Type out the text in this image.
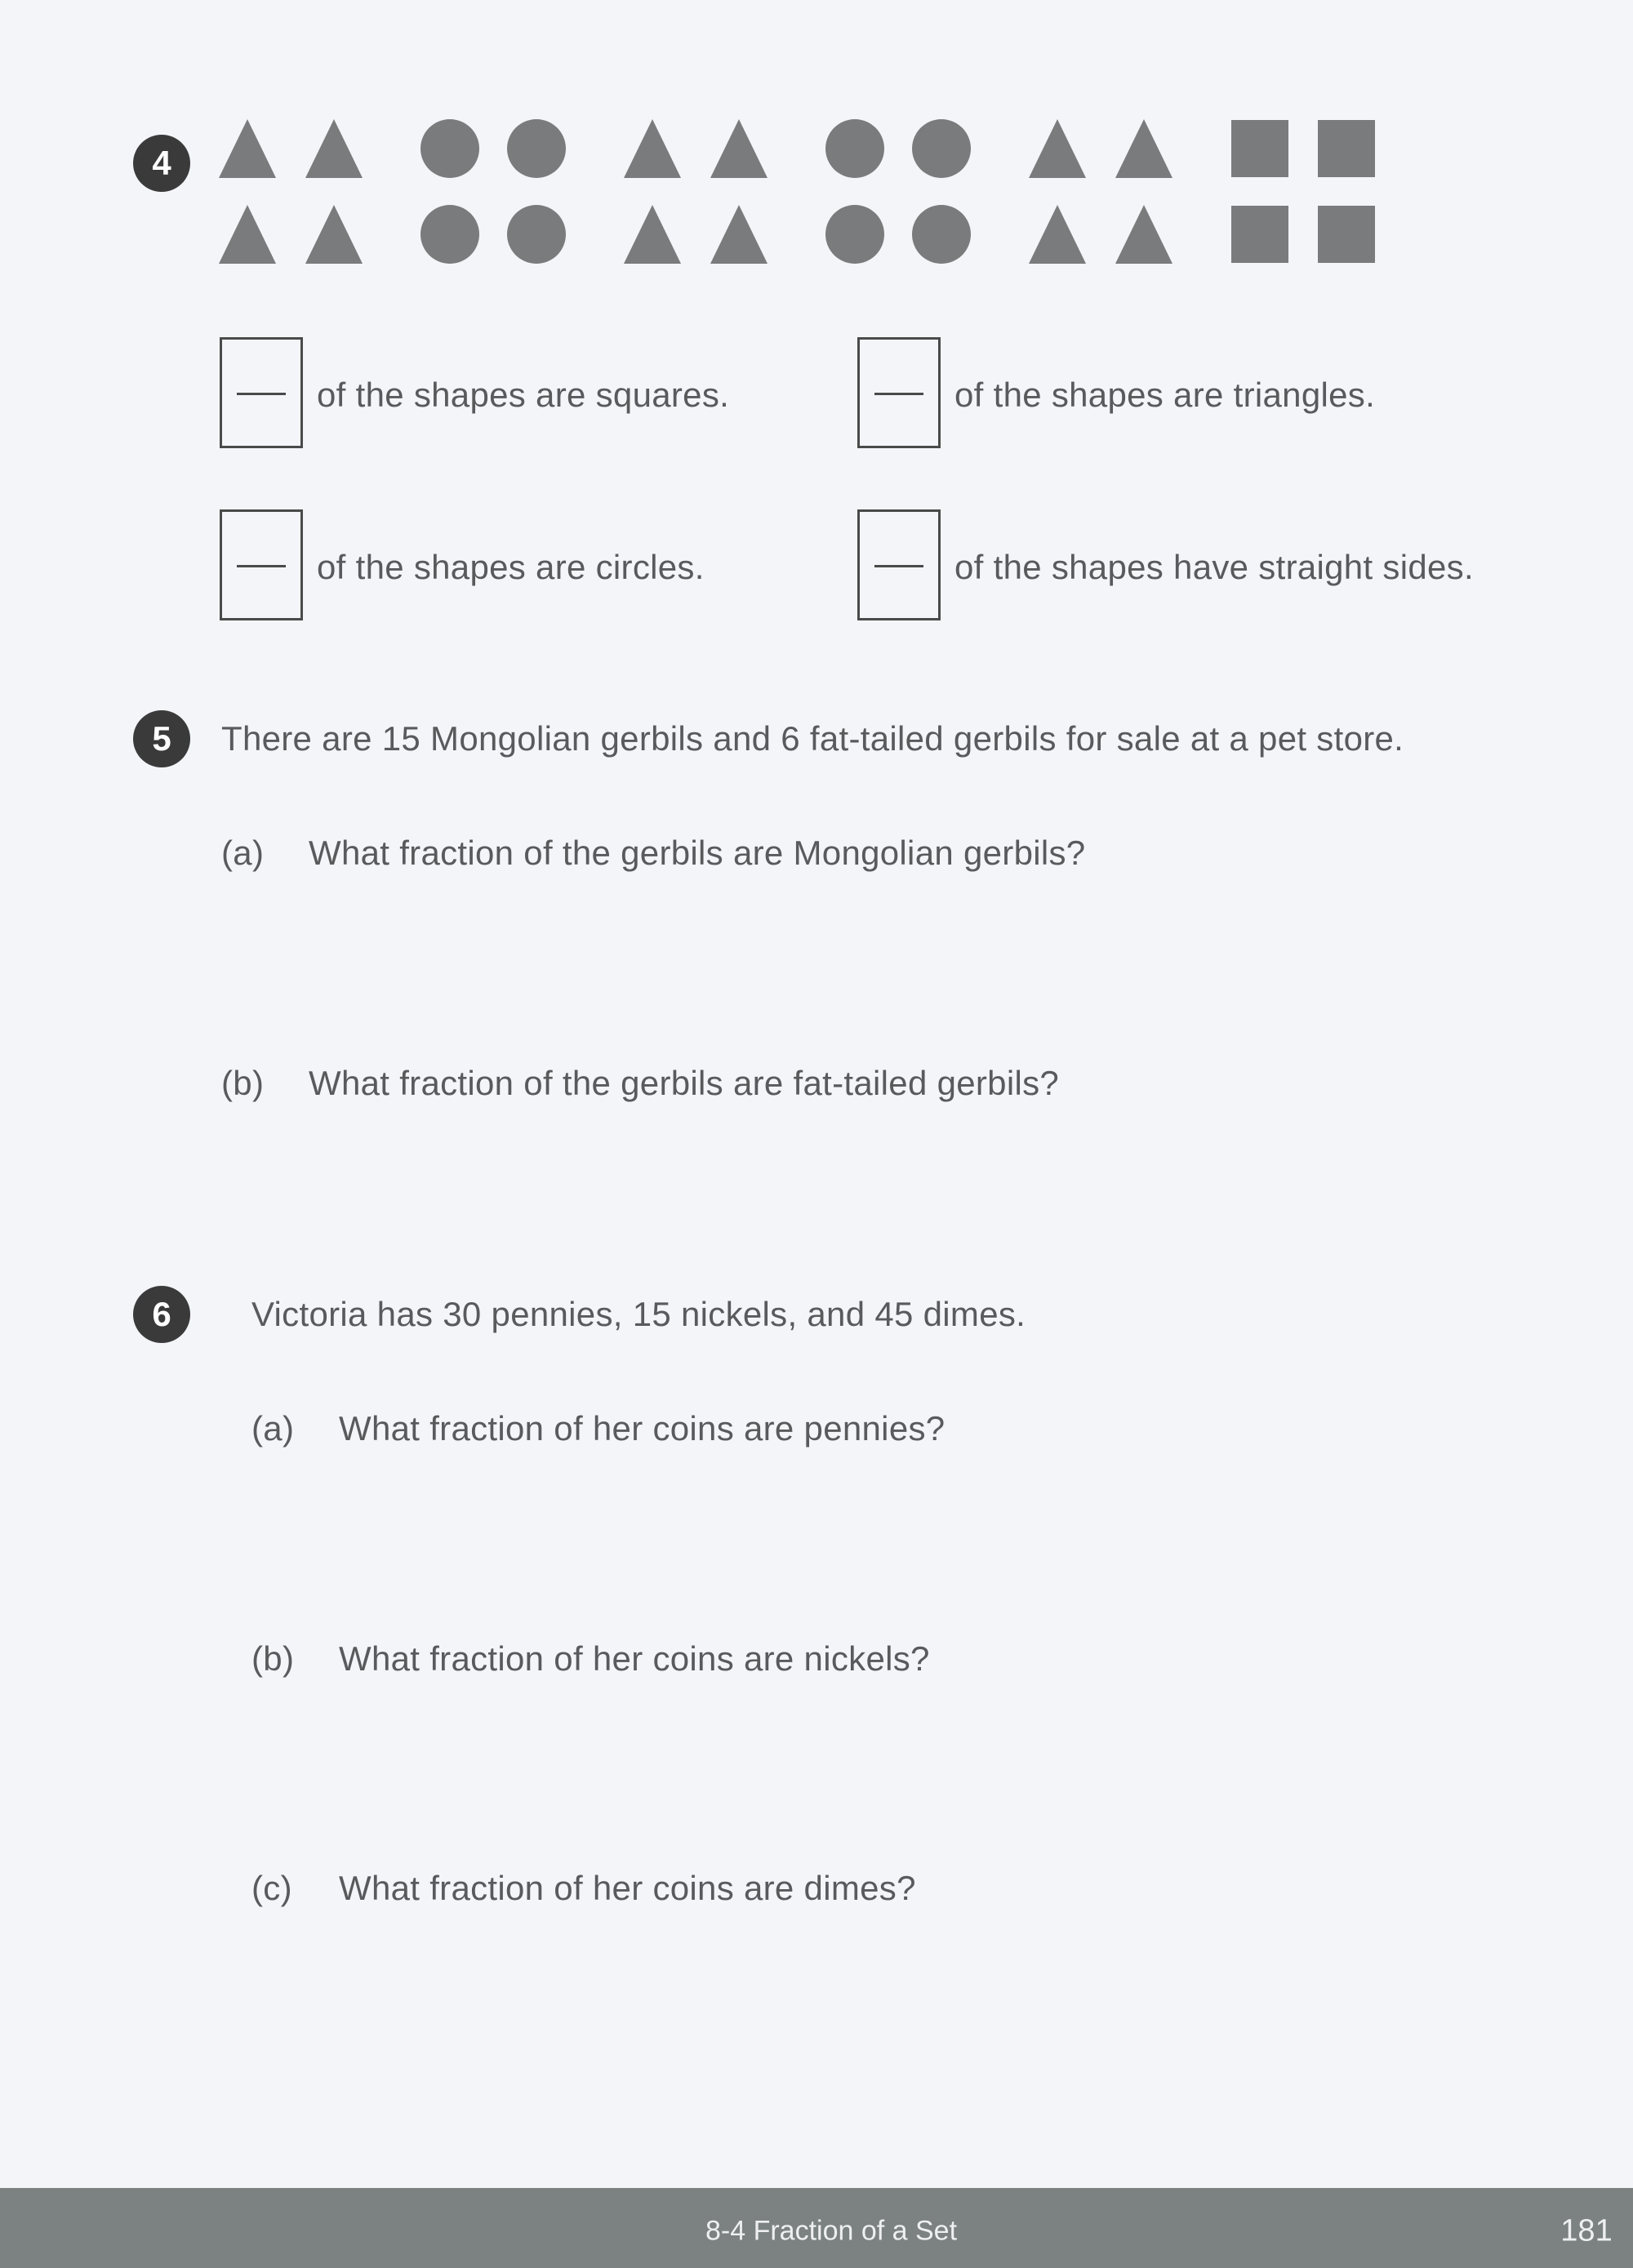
4
of the shapes are squares.	of the shapes are triangles.
of the shapes are circles.	of the shapes have straight sides.
5	There are 15 Mongolian gerbils and 6 fat-tailed gerbils for sale at a pet store.
(a) What fraction of the gerbils are Mongolian gerbils?
(b) What fraction of the gerbils are fat-tailed gerbils?
6	Victoria has 30 pennies, 15 nickels, and 45 dimes.
(a) What fraction of her coins are pennies?
(b) What fraction of her coins are nickels?
(c) What fraction of her coins are dimes?
8-4 Fraction of a Set	181
